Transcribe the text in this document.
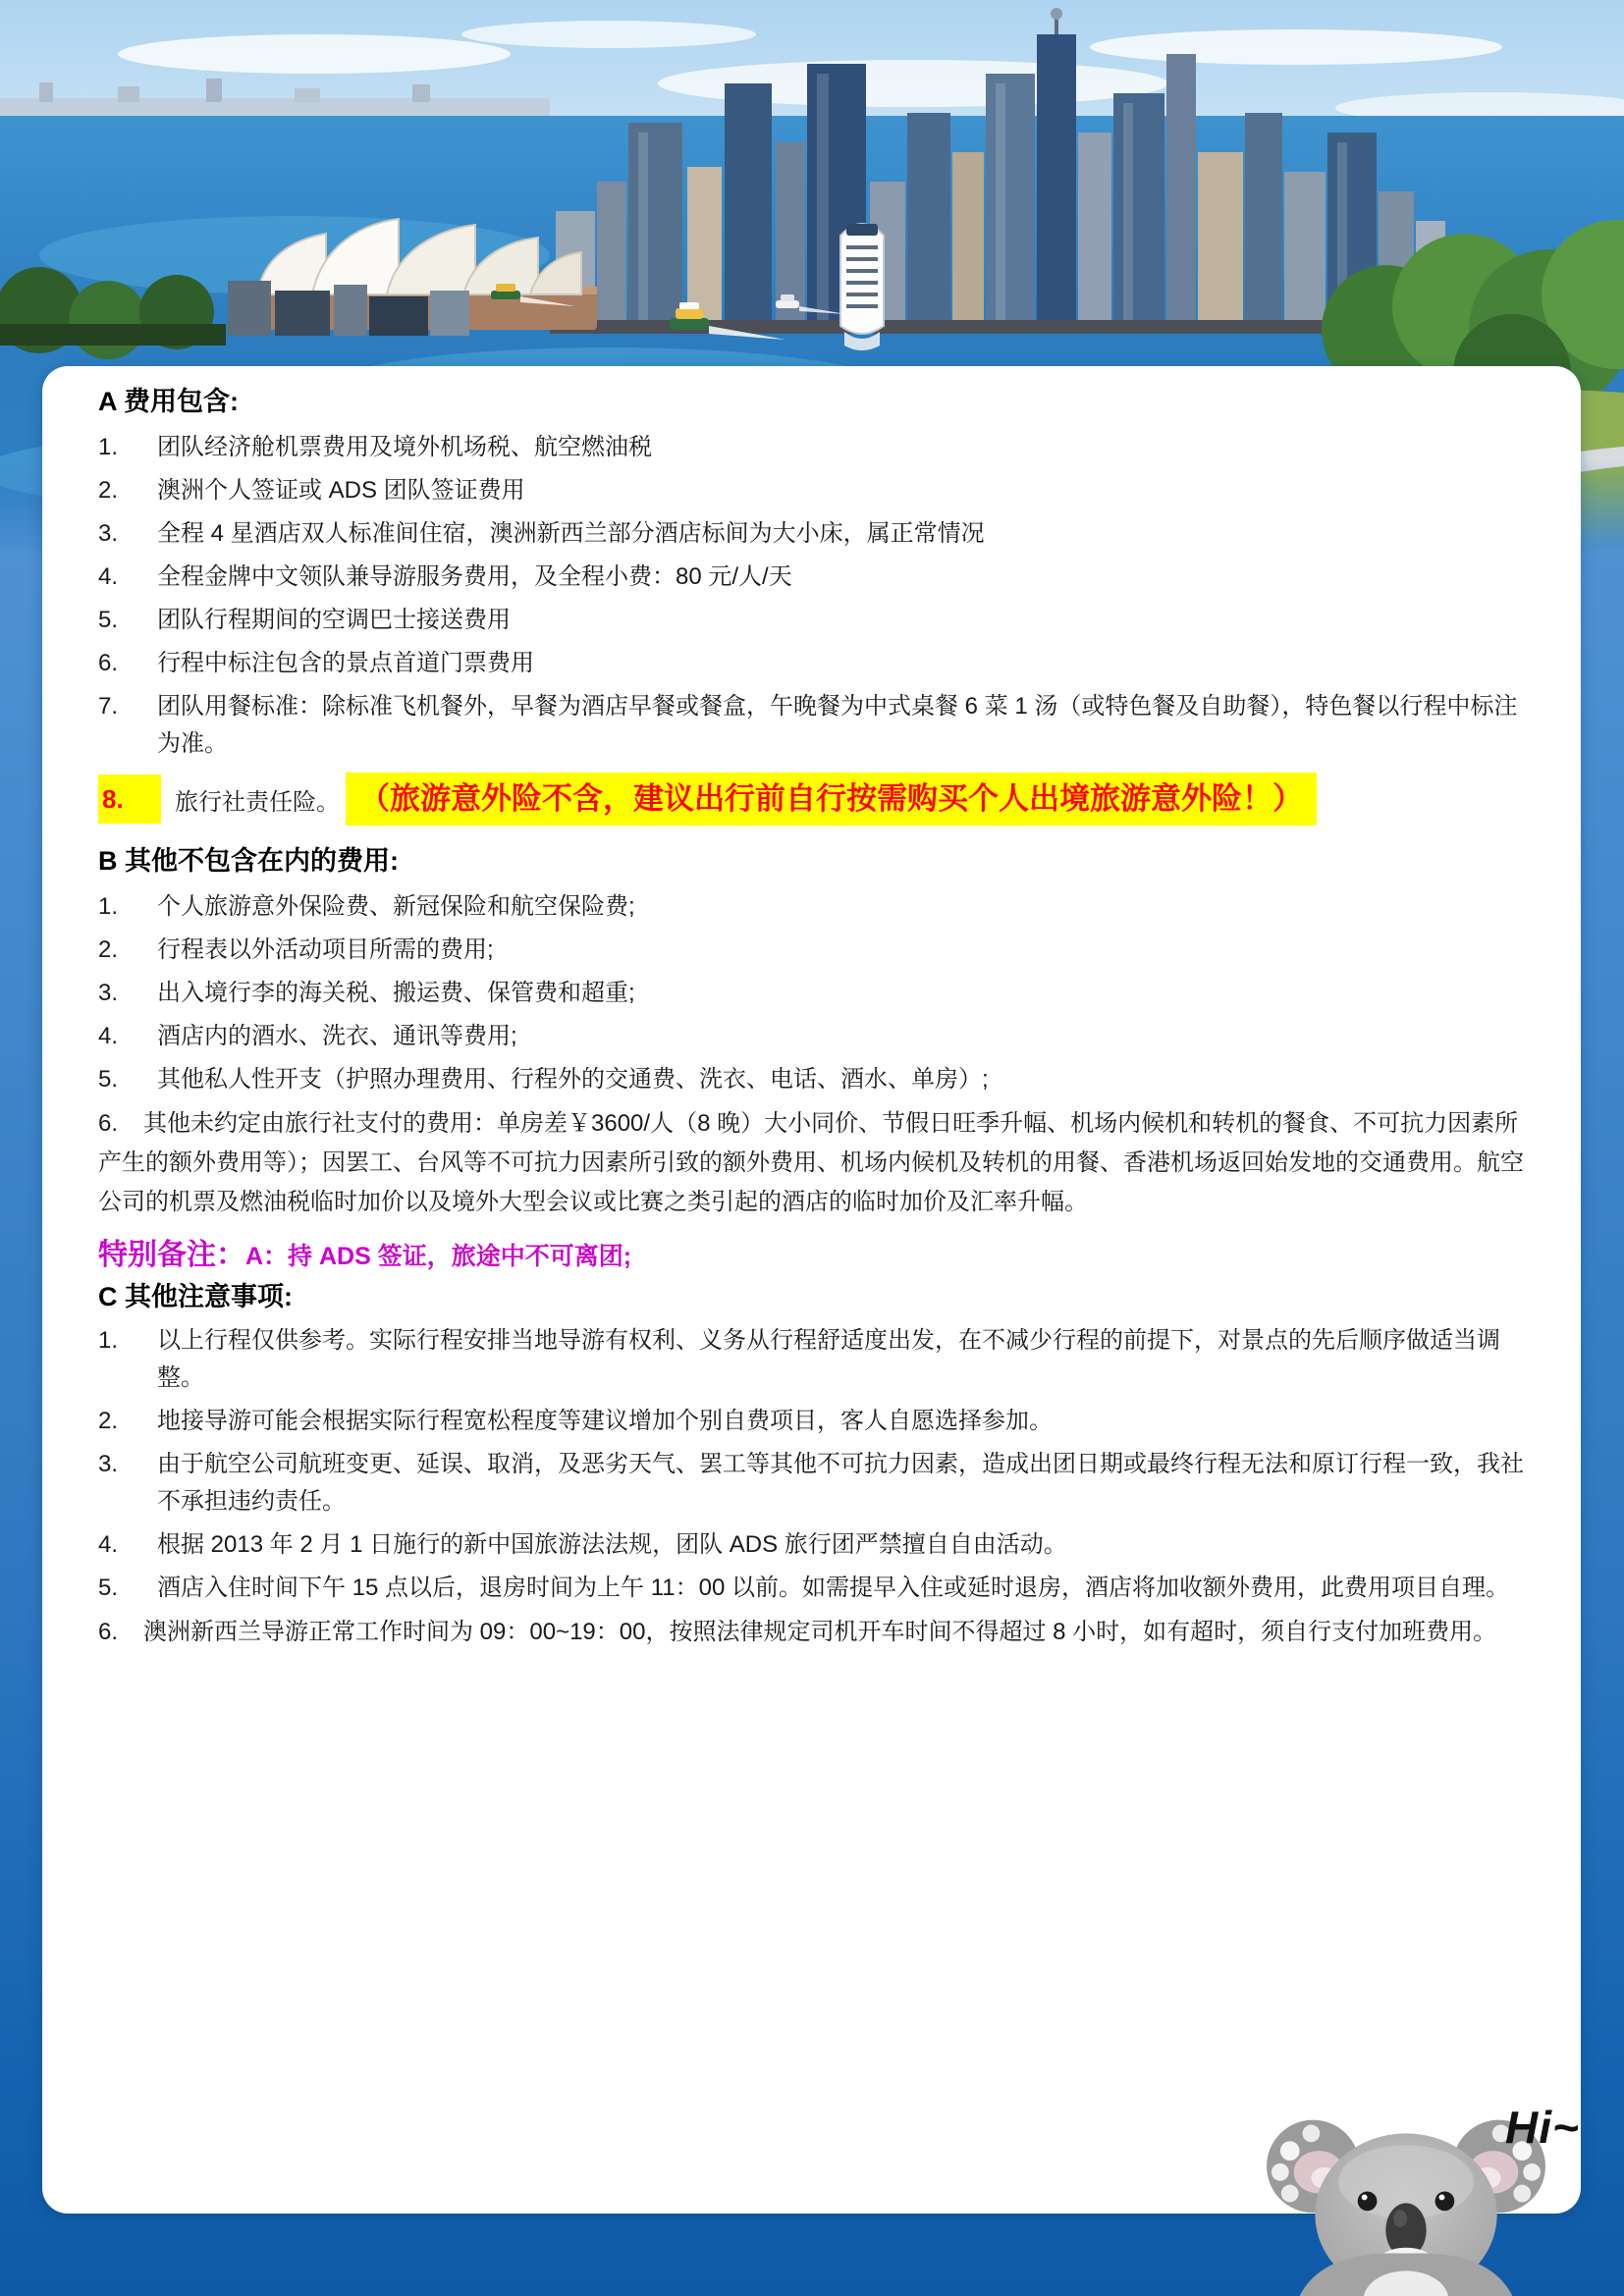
A 费用包含:
1.	团队经济舱机票费用及境外机场税、航空燃油税
2.	澳洲个人签证或 ADS 团队签证费用
3.	全程 4 星酒店双人标准间住宿，澳洲新西兰部分酒店标间为大小床，属正常情况
4.	全程金牌中文领队兼导游服务费用，及全程小费：80 元/人/天
5.	团队行程期间的空调巴士接送费用
6.	行程中标注包含的景点首道门票费用
7.	团队用餐标准：除标准飞机餐外，早餐为酒店早餐或餐盒，午晚餐为中式桌餐 6 菜 1 汤（或特色餐及自助餐），特色餐以行程中标注为准。
8.	旅行社责任险。 （旅游意外险不含，建议出行前自行按需购买个人出境旅游意外险！）
B 其他不包含在内的费用:
1.	个人旅游意外保险费、新冠保险和航空保险费;
2.	行程表以外活动项目所需的费用;
3.	出入境行李的海关税、搬运费、保管费和超重;
4.	酒店内的酒水、洗衣、通讯等费用;
5.	其他私人性开支（护照办理费用、行程外的交通费、洗衣、电话、酒水、单房）;
6. 其他未约定由旅行社支付的费用：单房差￥3600/人（8 晚）大小同价、节假日旺季升幅、机场内候机和转机的餐食、不可抗力因素所产生的额外费用等）；因罢工、台风等不可抗力因素所引致的额外费用、机场内候机及转机的用餐、香港机场返回始发地的交通费用。航空公司的机票及燃油税临时加价以及境外大型会议或比赛之类引起的酒店的临时加价及汇率升幅。
特别备注：A：持 ADS 签证，旅途中不可离团;
C 其他注意事项:
1.	以上行程仅供参考。实际行程安排当地导游有权利、义务从行程舒适度出发，在不减少行程的前提下，对景点的先后顺序做适当调整。
2.	地接导游可能会根据实际行程宽松程度等建议增加个别自费项目，客人自愿选择参加。
3.	由于航空公司航班变更、延误、取消，及恶劣天气、罢工等其他不可抗力因素，造成出团日期或最终行程无法和原订行程一致，我社不承担违约责任。
4.	根据 2013 年 2 月 1 日施行的新中国旅游法法规，团队 ADS 旅行团严禁擅自自由活动。
5.	酒店入住时间下午 15 点以后，退房时间为上午 11：00 以前。如需提早入住或延时退房，酒店将加收额外费用，此费用项目自理。
6. 澳洲新西兰导游正常工作时间为 09：00~19：00，按照法律规定司机开车时间不得超过 8 小时，如有超时，须自行支付加班费用。
Hi~
